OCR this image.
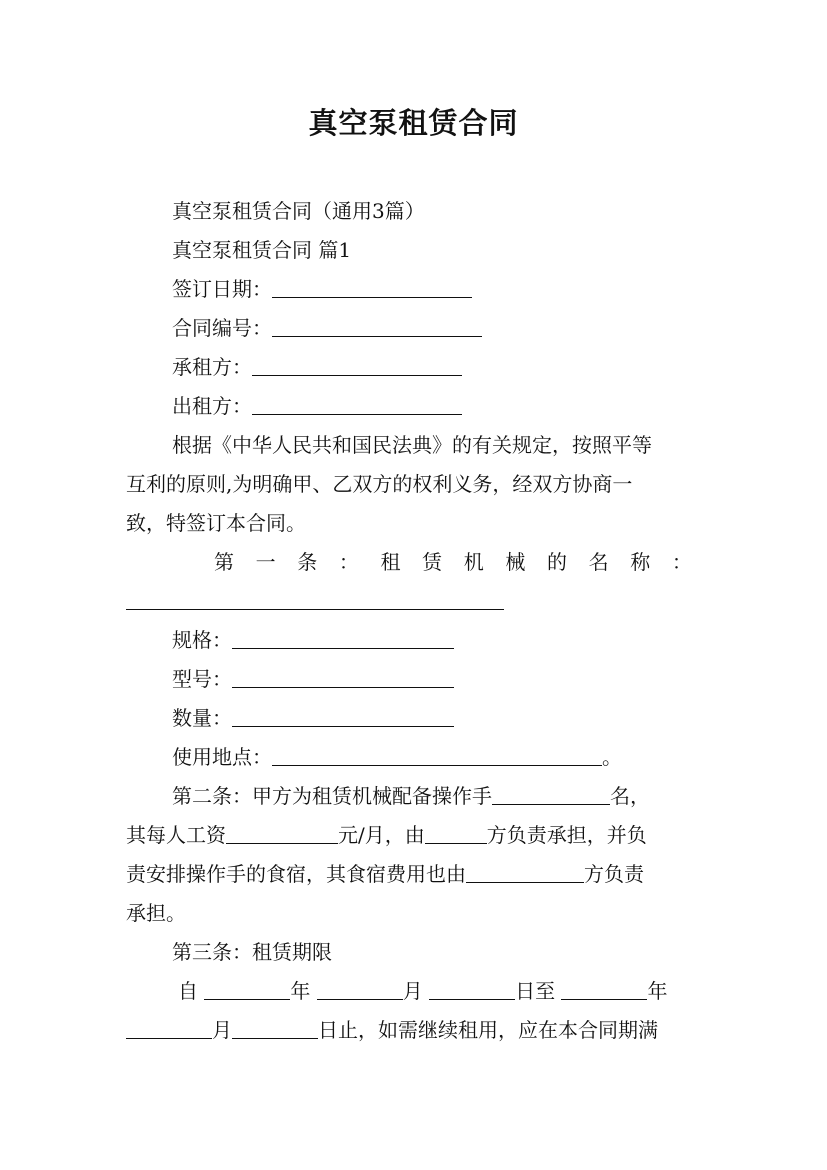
真空泵租赁合同
真空泵租赁合同（通用3篇）
真空泵租赁合同 篇1
签订日期：
合同编号：
承租方：
出租方：
根据《中华人民共和国民法典》的有关规定，按照平等
互利的原则,为明确甲、乙双方的权利义务，经双方协商一
致，特签订本合同。
第 一 条 ： 租 赁 机 械 的 名 称 ：
规格：
型号：
数量：
使用地点：	。
第二条：甲方为租赁机械配备操作手	名，
其每人工资	元/月，由	方负责承担，并负
责安排操作手的食宿，其食宿费用也由	方负责
承担。
第三条：租赁期限
自	年	月	日至	年
月	日止，如需继续租用，应在本合同期满
